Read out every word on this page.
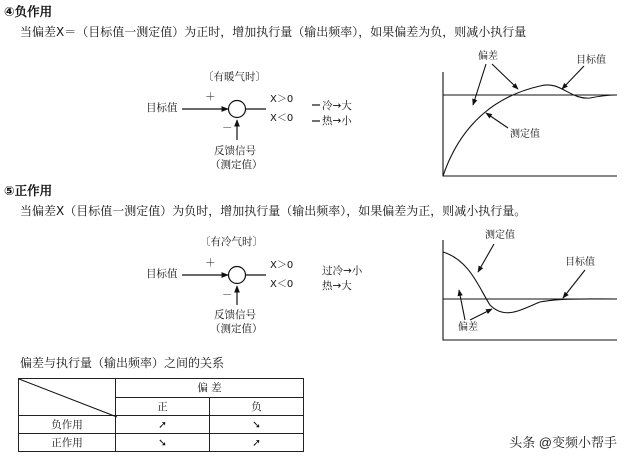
④负作用
当偏差X＝（目标值一测定值）为正时，增加执行量（输出频率），如果偏差为负，则减小执行量
〔有暖气时〕
＋
目标值
－
X＞0
X＜0
冷→大
热→小
反馈信号
（测定值）
偏差	目标值
测定值
⑤正作用
当偏差X（目标值一测定值）为负时，增加执行量（输出频率），如果偏差为正，则减小执行量。
〔有冷气时〕
＋
目标值
－
X＞0
X＜0
过冷→小
热→大
反馈信号
（测定值）
测定值
目标值
偏差
偏差与执行量（输出频率）之间的关系
	偏 差	
	正	负
负作用	➚	➘
正作用	➘	➚	头条 @变频小帮手
